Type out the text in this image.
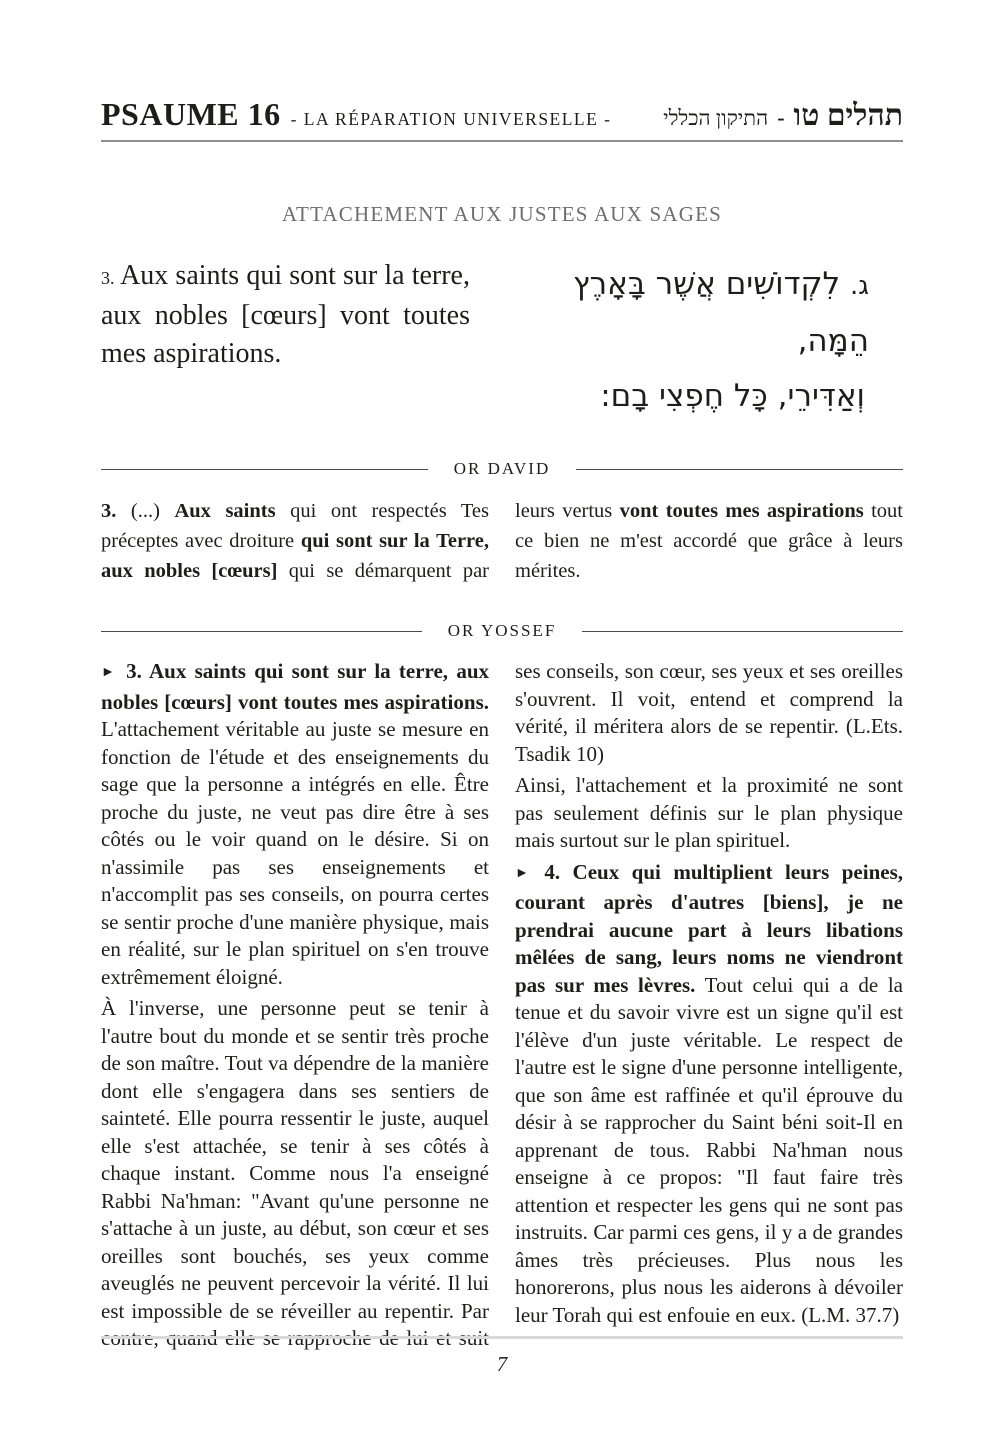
PSAUME 16 - LA RÉPARATION UNIVERSELLE -	תהלים טו
-
התיקון הכללי
ATTACHEMENT AUX JUSTES AUX SAGES
3. Aux saints qui sont sur la terre, aux nobles [cœurs] vont toutes mes aspirations.
ג. לִקְדוֹשִׁים אֲשֶׁר בָּאָרֶץ הֵמָּה,
וְאַדִּירֵי, כָּל חֶפְצִי בָם:
OR DAVID

3. (...) Aux saints qui ont respectés Tes préceptes avec droiture qui sont sur la Terre, aux nobles [cœurs] qui se démarquent par leurs vertus vont toutes mes aspirations tout ce bien ne m'est accordé que grâce à leurs mérites.

OR YOSSEF

► 3. Aux saints qui sont sur la terre, aux nobles [cœurs] vont toutes mes aspirations. L'attachement véritable au juste se mesure en fonction de l'étude et des enseignements du sage que la personne a intégrés en elle. Être proche du juste, ne veut pas dire être à ses côtés ou le voir quand on le désire. Si on n'assimile pas ses enseignements et n'accomplit pas ses conseils, on pourra certes se sentir proche d'une manière physique, mais en réalité, sur le plan spirituel on s'en trouve extrêmement éloigné.

À l'inverse, une personne peut se tenir à l'autre bout du monde et se sentir très proche de son maître. Tout va dépendre de la manière dont elle s'engagera dans ses sentiers de sainteté. Elle pourra ressentir le juste, auquel elle s'est attachée, se tenir à ses côtés à chaque instant. Comme nous l'a enseigné Rabbi Na'hman: "Avant qu'une personne ne s'attache à un juste, au début, son cœur et ses oreilles sont bouchés, ses yeux comme aveuglés ne peuvent percevoir la vérité. Il lui est impossible de se réveiller au repentir. Par contre, quand elle se rapproche de lui et suit ses conseils, son cœur, ses yeux et ses oreilles s'ouvrent. Il voit, entend et comprend la vérité, il méritera alors de se repentir. (L.Ets. Tsadik 10)

Ainsi, l'attachement et la proximité ne sont pas seulement définis sur le plan physique mais surtout sur le plan spirituel.

► 4. Ceux qui multiplient leurs peines, courant après d'autres [biens], je ne prendrai aucune part à leurs libations mêlées de sang, leurs noms ne viendront pas sur mes lèvres. Tout celui qui a de la tenue et du savoir vivre est un signe qu'il est l'élève d'un juste véritable. Le respect de l'autre est le signe d'une personne intelligente, que son âme est raffinée et qu'il éprouve du désir à se rapprocher du Saint béni soit-Il en apprenant de tous. Rabbi Na'hman nous enseigne à ce propos: "Il faut faire très attention et respecter les gens qui ne sont pas instruits. Car parmi ces gens, il y a de grandes âmes très précieuses. Plus nous les honorerons, plus nous les aiderons à dévoiler leur Torah qui est enfouie en eux. (L.M. 37.7)

7
